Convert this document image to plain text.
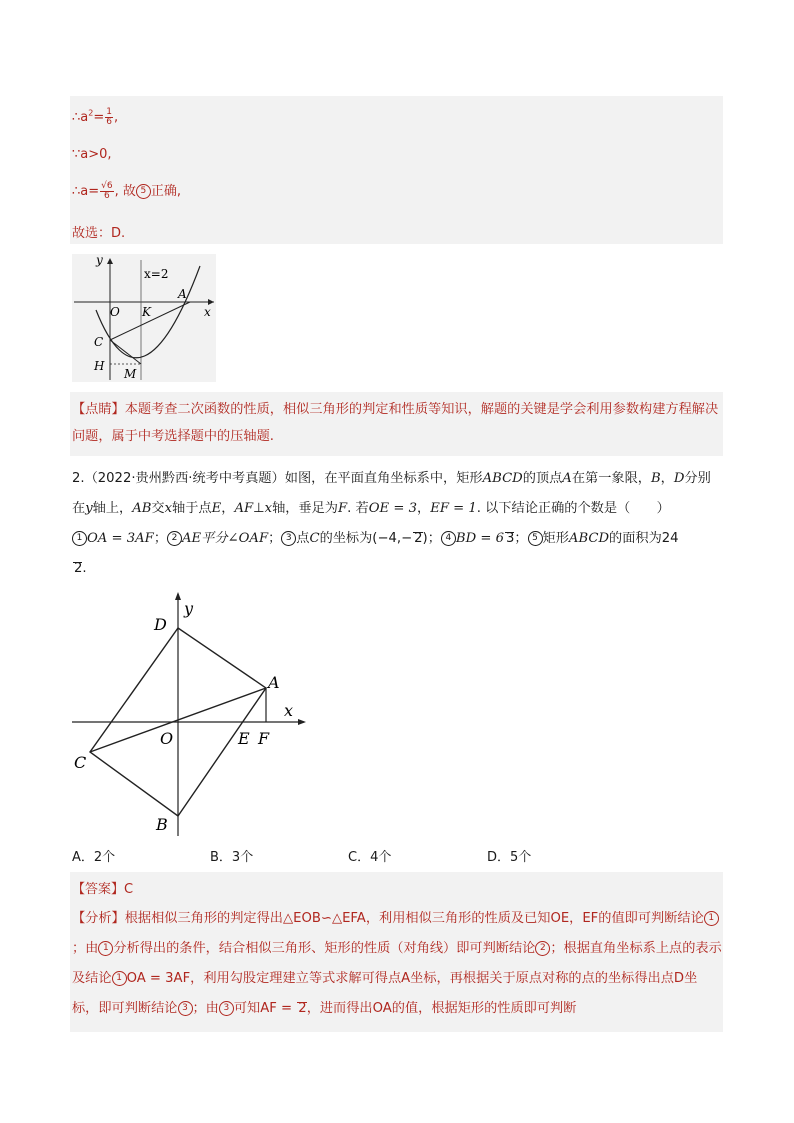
$\therefore a^2= \frac{1}{6}$ ,
∵a>0,
∴a= $\frac{√6}{6}$ , 故 5 正确,
故选：D.
y
x
x=2
O K
A
C
H
M
【点睛】本题考查二次函数的性质，相似三角形的判定和性质等知识，解题的关键是学会利用参数构建方程解决问题，属于中考选择题中的压轴题.
2.（2022·贵州黔西·统考中考真题）如图，在平面直角坐标系中，矩形ABCD的顶点A在第一象限，B，D分别在y轴上，AB交x轴于点E，AF⊥x轴，垂足为F. 若OE = 3，EF = 1. 以下结论正确的个数是（　　）
1 OA = 3AF； 2 AE平分∠OAF； 3 点C的坐标为(−4,− 2)； 4 BD = 6 3； 5 矩形ABCD的面积为24
2.
y
x
D
A
O	E F
C
B
A．2个	B．3个	C．4个	D．5个
【答案】C
【分析】根据相似三角形的判定得出△EOB∽△EFA，利用相似三角形的性质及已知OE，EF的值即可判断结论 1；由 1 分析得出的条件，结合相似三角形、矩形的性质（对角线）即可判断结论 2 ；根据直角坐标系上点的表示及结论 1 OA = 3AF，利用勾股定理建立等式求解可得点A坐标，再根据关于原点对称的点的坐标得出点D坐标，即可判断结论 3 ；由 3 可知AF = 2，进而得出OA的值，根据矩形的性质即可判断
